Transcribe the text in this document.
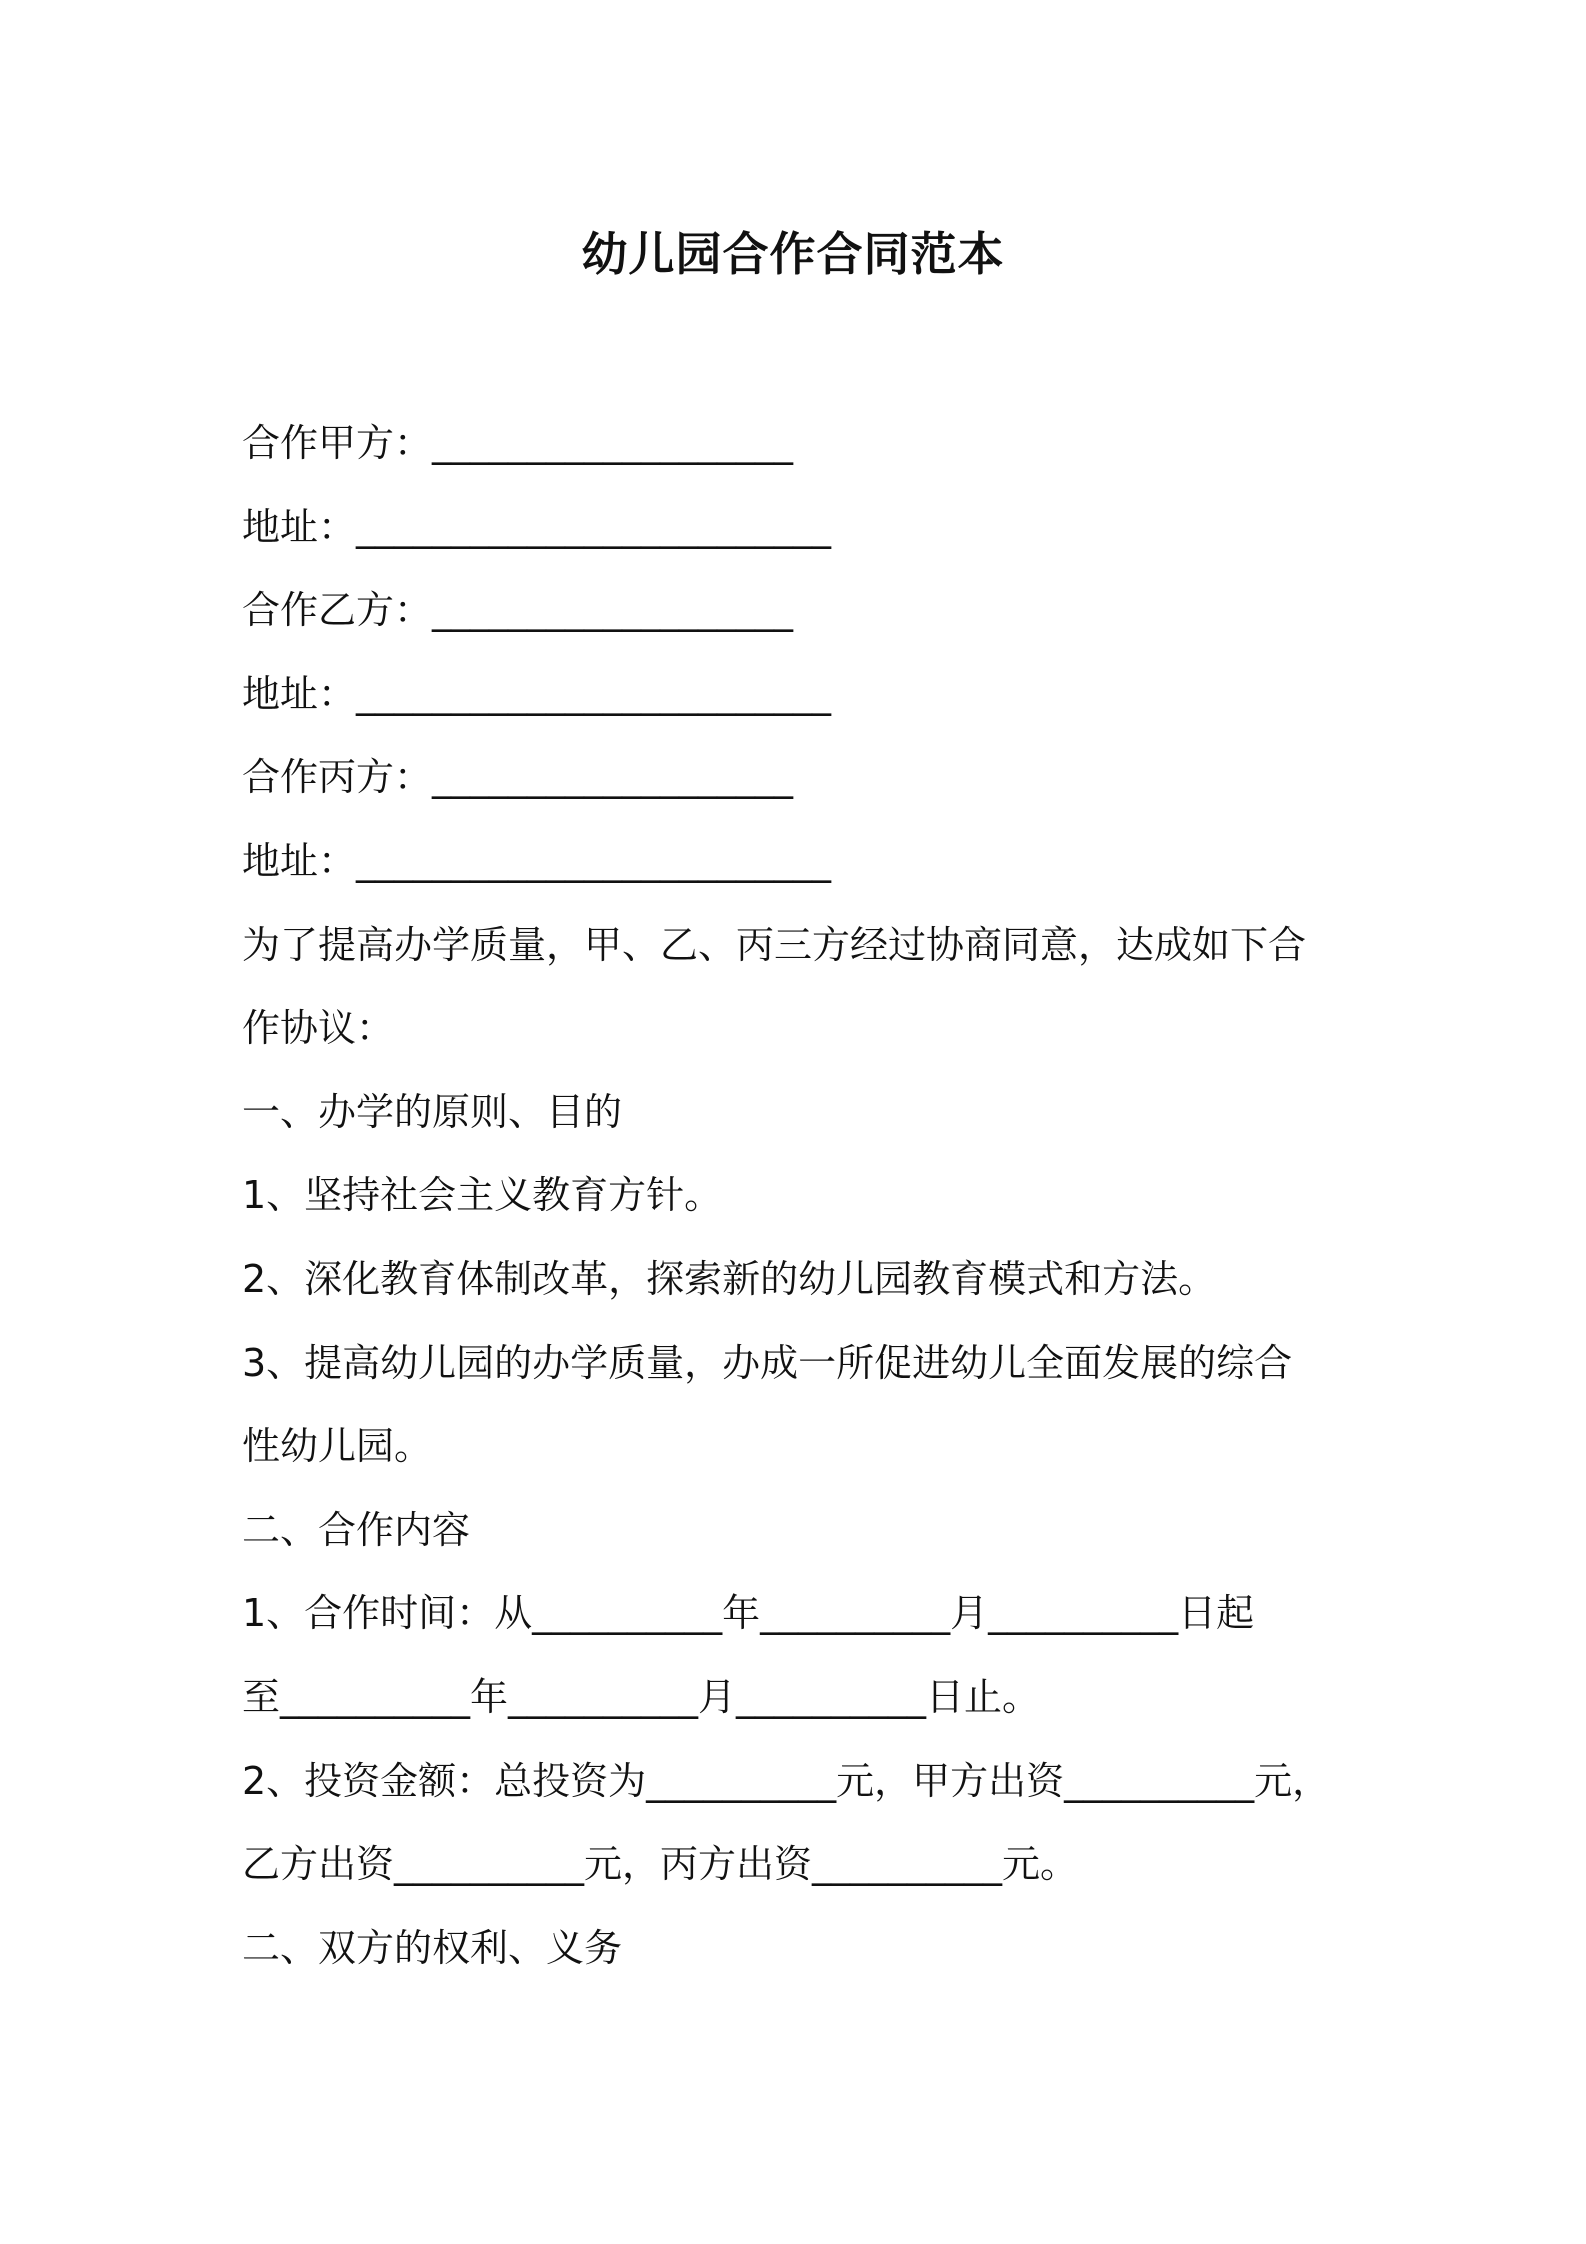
幼儿园合作合同范本
合作甲方：___________________
地址：_________________________
合作乙方：___________________
地址：_________________________
合作丙方：___________________
地址：_________________________
为了提高办学质量，甲、乙、丙三方经过协商同意，达成如下合
作协议：
一、办学的原则、目的
1、坚持社会主义教育方针。
2、深化教育体制改革，探索新的幼儿园教育模式和方法。
3、提高幼儿园的办学质量，办成一所促进幼儿全面发展的综合
性幼儿园。
二、合作内容
1、合作时间：从__________年__________月__________日起
至__________年__________月__________日止。
2、投资金额：总投资为__________元，甲方出资__________元，
乙方出资__________元，丙方出资__________元。
二、双方的权利、义务
